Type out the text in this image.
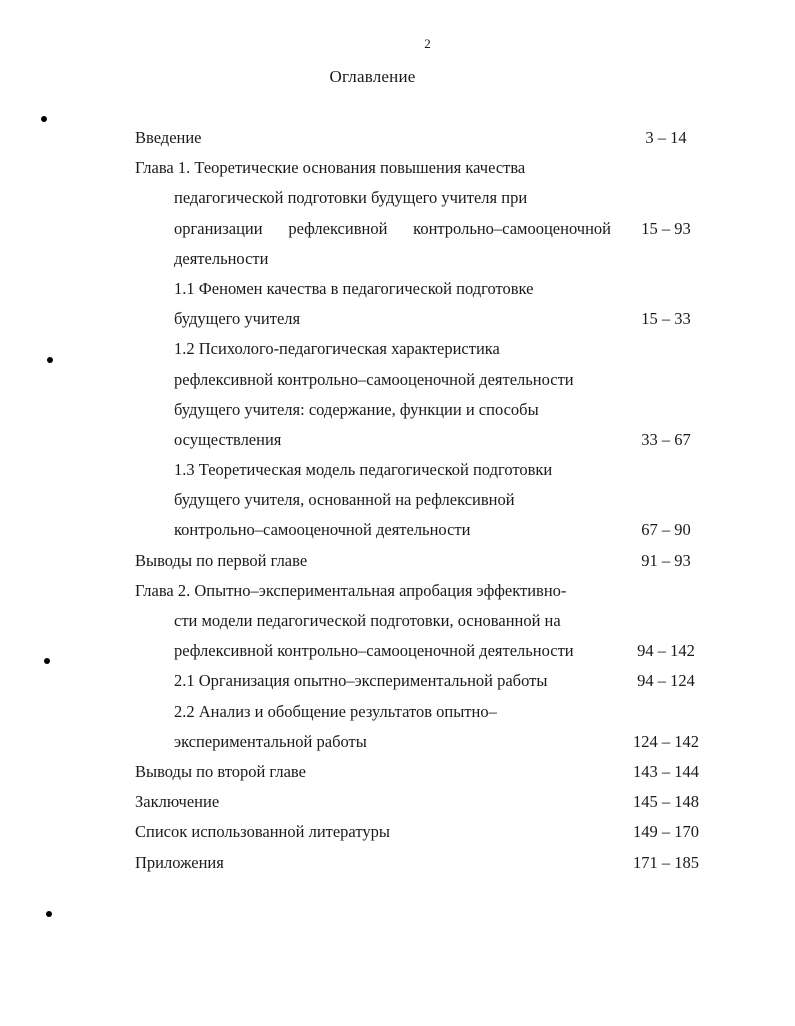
2
Оглавление
Введение	3 – 14
Глава 1. Теоретические основания повышения качества
педагогической подготовки будущего учителя при
организации рефлексивной контрольно–самооценочной	15 – 93
деятельности
1.1 Феномен качества в педагогической подготовке
будущего учителя	15 – 33
1.2 Психолого-педагогическая характеристика
рефлексивной контрольно–самооценочной деятельности
будущего учителя: содержание, функции и способы
осуществления	33 – 67
1.3 Теоретическая модель педагогической подготовки
будущего учителя, основанной на рефлексивной
контрольно–самооценочной деятельности	67 – 90
Выводы по первой главе	91 – 93
Глава 2. Опытно–экспериментальная апробация эффективно-
сти модели педагогической подготовки, основанной на
рефлексивной контрольно–самооценочной деятельности	94 – 142
2.1 Организация опытно–экспериментальной работы	94 – 124
2.2 Анализ и обобщение результатов опытно–
экспериментальной работы	124 – 142
Выводы по второй главе	143 – 144
Заключение	145 – 148
Список использованной литературы	149 – 170
Приложения	171 – 185
